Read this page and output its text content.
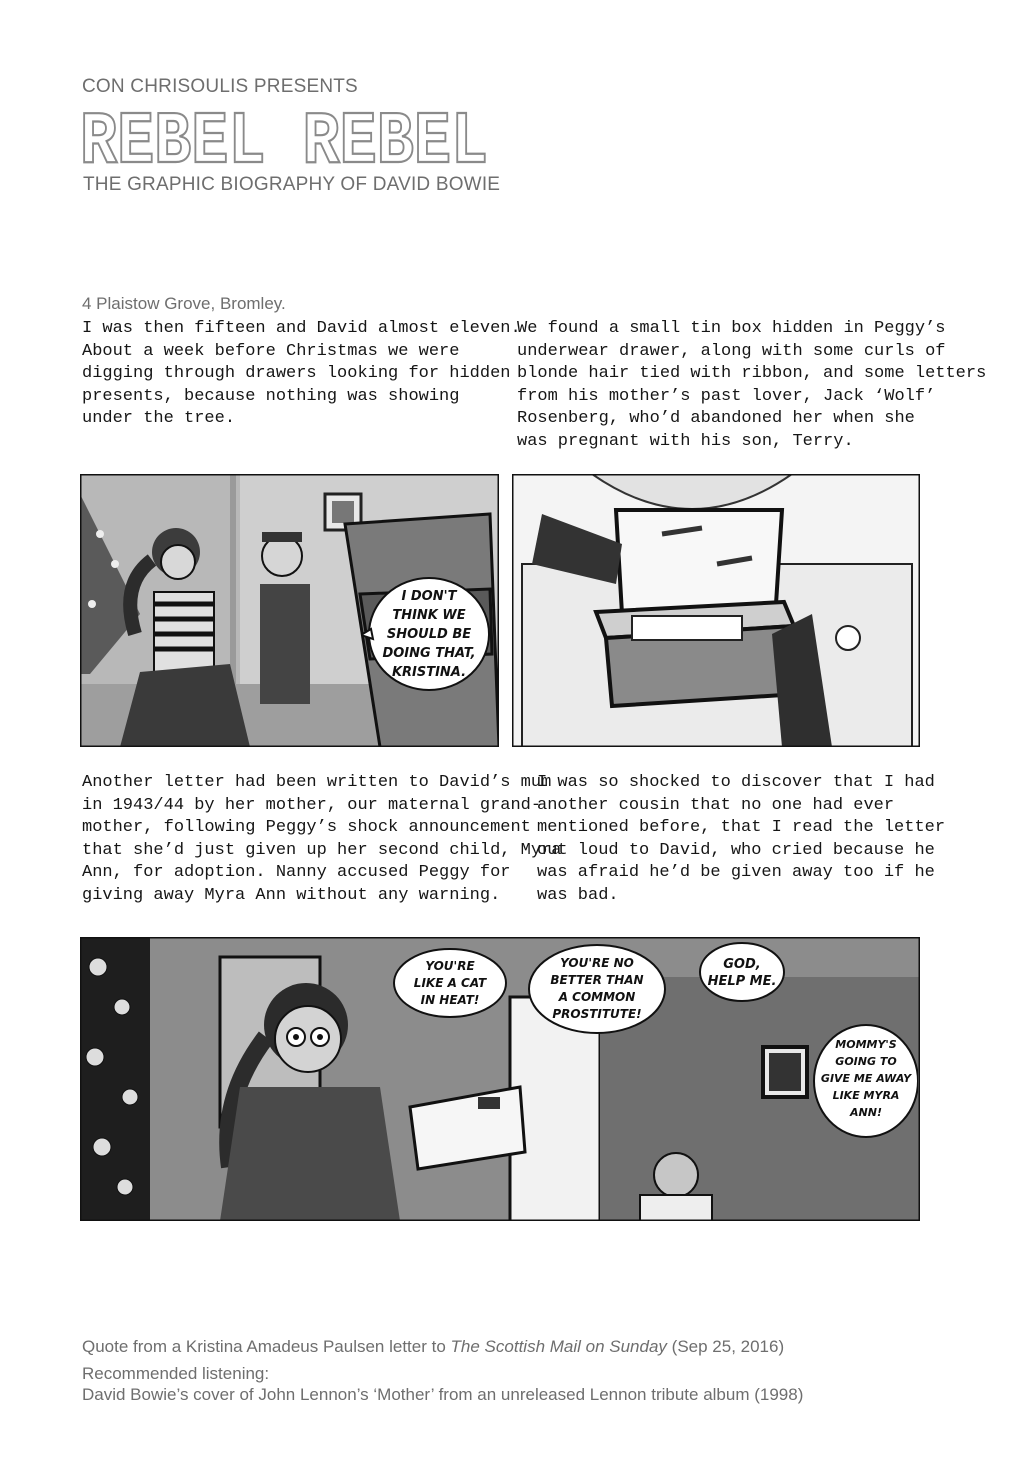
CON CHRISOULIS PRESENTS
REBEL REBEL
THE GRAPHIC BIOGRAPHY OF DAVID BOWIE
4 Plaistow Grove, Bromley.
I was then fifteen and David almost eleven.
About a week before Christmas we were
digging through drawers looking for hidden
presents, because nothing was showing
under the tree.
We found a small tin box hidden in Peggy’s
underwear drawer, along with some curls of
blonde hair tied with ribbon, and some letters
from his mother’s past lover, Jack ‘Wolf’
Rosenberg, who’d abandoned her when she
was pregnant with his son, Terry.
I DON'T
THINK WE
SHOULD BE
DOING THAT,
KRISTINA.
Another letter had been written to David’s mum
in 1943/44 by her mother, our maternal grand-
mother, following Peggy’s shock announcement
that she’d just given up her second child, Myra
Ann, for adoption. Nanny accused Peggy for
giving away Myra Ann without any warning.
I was so shocked to discover that I had
another cousin that no one had ever
mentioned before, that I read the letter
out loud to David, who cried because he
was afraid he’d be given away too if he
was bad.
YOU'RE
LIKE A CAT
IN HEAT!
YOU'RE NO
BETTER THAN
A COMMON
PROSTITUTE!
GOD,
HELP ME.
MOMMY'S
GOING TO
GIVE ME AWAY
LIKE MYRA
ANN!
Quote from a Kristina Amadeus Paulsen letter to The Scottish Mail on Sunday (Sep 25, 2016)
Recommended listening:
David Bowie’s cover of John Lennon’s ‘Mother’ from an unreleased Lennon tribute album (1998)
